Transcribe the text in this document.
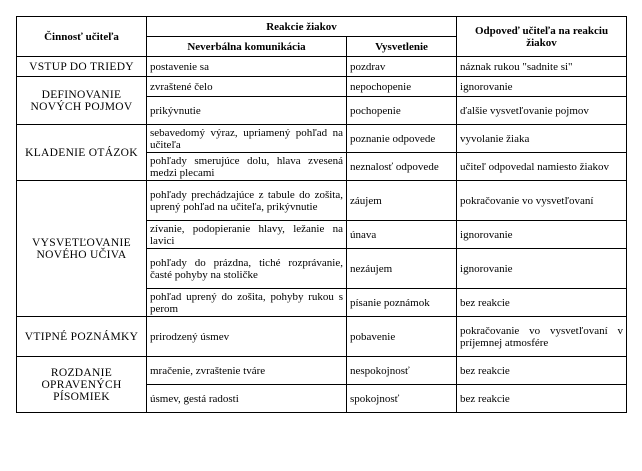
Činnosť učiteľa	Reakcie žiakov		Odpoveď učiteľa na reakciu žiakov
	Neverbálna komunikácia	Vysvetlenie	
VSTUP DO TRIEDY	postavenie sa	pozdrav	náznak rukou "sadnite si"
DEFINOVANIE NOVÝCH POJMOV	zvraštené čelo	nepochopenie	ignorovanie
	prikývnutie	pochopenie	ďalšie vysvetľovanie pojmov
KLADENIE OTÁZOK	sebavedomý výraz, upriamený pohľad na učiteľa	poznanie odpovede	vyvolanie žiaka
	pohľady smerujúce dolu, hlava zvesená medzi plecami	neznalosť odpovede	učiteľ odpovedal namiesto žiakov
VYSVETĽOVANIE NOVÉHO UČIVA	pohľady prechádzajúce z tabule do zošita, uprený pohľad na učiteľa, prikývnutie	záujem	pokračovanie vo vysvetľovaní
	zívanie, podopieranie hlavy, ležanie na lavici	únava	ignorovanie
	pohľady do prázdna, tiché rozprávanie, časté pohyby na stoličke	nezáujem	ignorovanie
	pohľad uprený do zošita, pohyby rukou s perom	písanie poznámok	bez reakcie
VTIPNÉ POZNÁMKY	prirodzený úsmev	pobavenie	pokračovanie vo vysvetľovaní v príjemnej atmosfére
ROZDANIE OPRAVENÝCH PÍSOMIEK	mračenie, zvraštenie tváre	nespokojnosť	bez reakcie
	úsmev, gestá radosti	spokojnosť	bez reakcie
